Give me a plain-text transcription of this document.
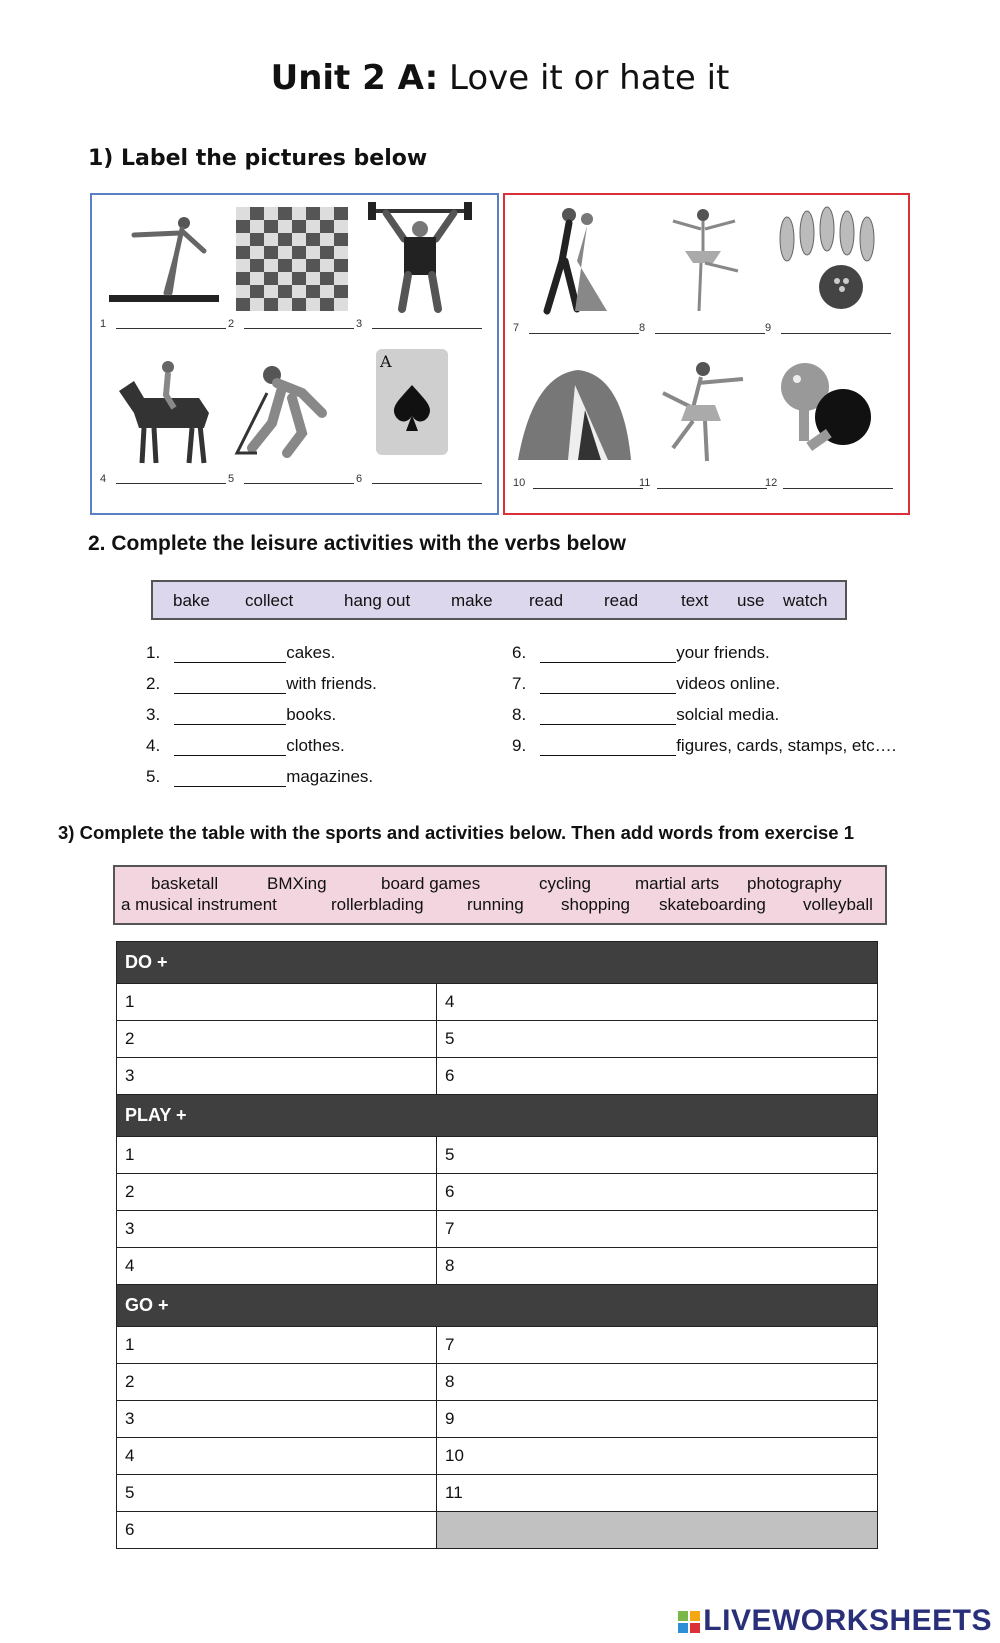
Unit 2 A: Love it or hate it
1) Label the pictures below
A
1	2	3
4	5	6
7	8	9
10	11	12
2. Complete the leisure activities with the verbs below
bake collect	hang out make read read	text use watch
1.	cakes.
2.	with friends.
3.	books.
4.	clothes.
5.	magazines.
6.	your friends.
7.	videos online.
8.	solcial media.
9.	figures, cards, stamps, etc….
3) Complete the table with the sports and activities below. Then add words from exercise 1
basketall	BMXing	board games	cycling	martial arts photography
a musical instrument	rollerblading	running shopping skateboarding volleyball
DO +	
1	4
2	5
3	6
PLAY +	
1	5
2	6
3	7
4	8
GO +	
1	7
2	8
3	9
4	10
5	11
6	
LIVEWORKSHEETS
